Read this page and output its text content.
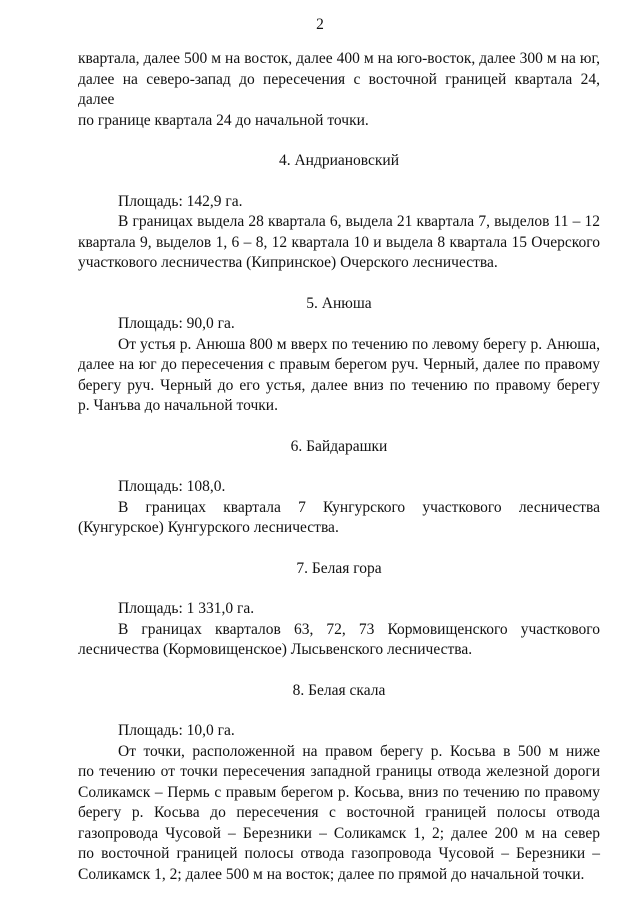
2

квартала, далее 500 м на восток, далее 400 м на юго-восток, далее 300 м на юг,

далее на северо-запад до пересечения с восточной границей квартала 24, далее

по границе квартала 24 до начальной точки.

4. Андриановский

Площадь: 142,9 га.

В границах выдела 28 квартала 6, выдела 21 квартала 7, выделов 11 – 12

квартала 9, выделов 1, 6 – 8, 12 квартала 10 и выдела 8 квартала 15 Очерского

участкового лесничества (Кипринское) Очерского лесничества.

5. Анюша

Площадь: 90,0 га.

От устья р. Анюша 800 м вверх по течению по левому берегу р. Анюша,

далее на юг до пересечения с правым берегом руч. Черный, далее по правому

берегу руч. Черный до его устья, далее вниз по течению по правому берегу

р. Чанъва до начальной точки.

6. Байдарашки

Площадь: 108,0.

В границах квартала 7 Кунгурского участкового лесничества

(Кунгурское) Кунгурского лесничества.

7. Белая гора

Площадь: 1 331,0 га.

В границах кварталов 63, 72, 73 Кормовищенского участкового

лесничества (Кормовищенское) Лысьвенского лесничества.

8. Белая скала

Площадь: 10,0 га.

От точки, расположенной на правом берегу р. Косьва в 500 м ниже

по течению от точки пересечения западной границы отвода железной дороги

Соликамск – Пермь с правым берегом р. Косьва, вниз по течению по правому

берегу р. Косьва до пересечения с восточной границей полосы отвода

газопровода Чусовой – Березники – Соликамск 1, 2; далее 200 м на север

по восточной границей полосы отвода газопровода Чусовой – Березники –

Соликамск 1, 2; далее 500 м на восток; далее по прямой до начальной точки.
